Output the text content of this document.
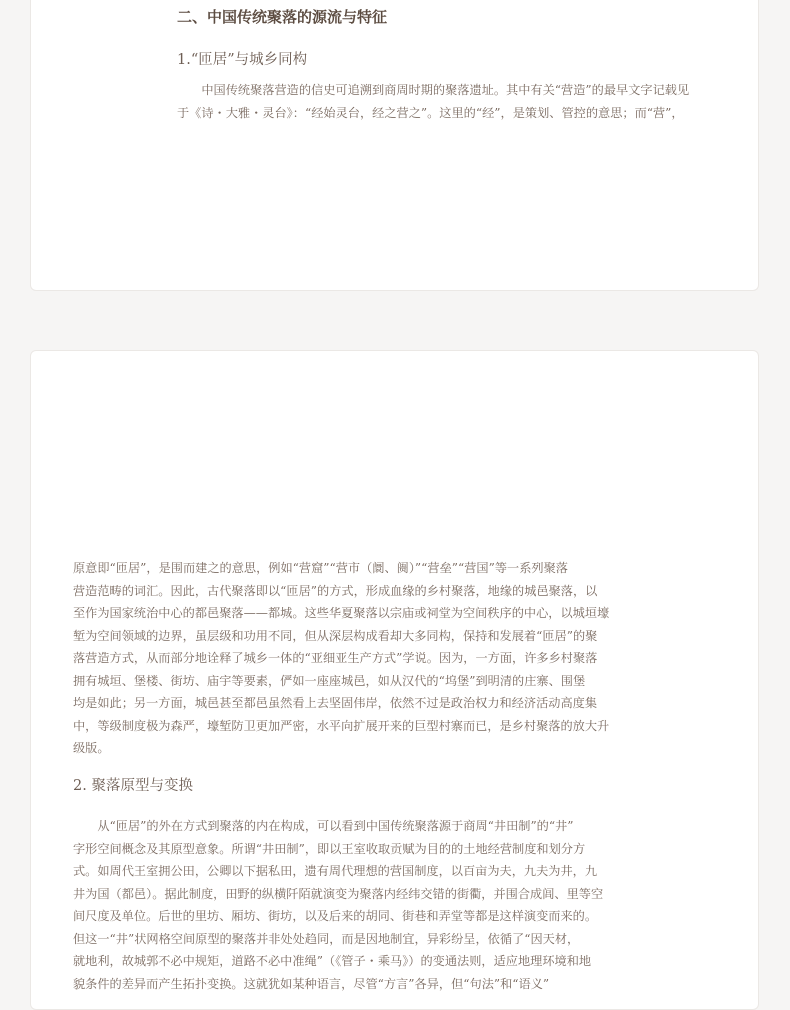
二、中国传统聚落的源流与特征
1.“匝居”与城乡同构
　　中国传统聚落营造的信史可追溯到商周时期的聚落遗址。其中有关“营造”的最早文字记载见
于《诗・大雅・灵台》：“经始灵台，经之营之”。这里的“经”，是策划、管控的意思；而“营”，
原意即“匝居”，是围而建之的意思，例如“营窟”“营市（阛、阓）”“营垒”“营国”等一系列聚落
营造范畴的词汇。因此，古代聚落即以“匝居”的方式，形成血缘的乡村聚落，地缘的城邑聚落，以
至作为国家统治中心的都邑聚落——都城。这些华夏聚落以宗庙或祠堂为空间秩序的中心，以城垣壕
堑为空间领域的边界，虽层级和功用不同，但从深层构成看却大多同构，保持和发展着“匝居”的聚
落营造方式，从而部分地诠释了城乡一体的“亚细亚生产方式”学说。因为，一方面，许多乡村聚落
拥有城垣、堡楼、街坊、庙宇等要素，俨如一座座城邑，如从汉代的“坞堡”到明清的庄寨、围堡
均是如此；另一方面，城邑甚至都邑虽然看上去坚固伟岸，依然不过是政治权力和经济活动高度集
中，等级制度极为森严，壕堑防卫更加严密，水平向扩展开来的巨型村寨而已，是乡村聚落的放大升
级版。
2. 聚落原型与变换
　　从“匝居”的外在方式到聚落的内在构成，可以看到中国传统聚落源于商周“井田制”的“井”
字形空间概念及其原型意象。所谓“井田制”，即以王室收取贡赋为目的的土地经营制度和划分方
式。如周代王室拥公田，公卿以下据私田，遗有周代理想的营国制度，以百亩为夫，九夫为井，九
井为国（都邑）。据此制度，田野的纵横阡陌就演变为聚落内经纬交错的街衢，并围合成闾、里等空
间尺度及单位。后世的里坊、厢坊、街坊，以及后来的胡同、街巷和弄堂等都是这样演变而来的。
但这一“井”状网格空间原型的聚落并非处处趋同，而是因地制宜，异彩纷呈，依循了“因天材，
就地利，故城郭不必中规矩，道路不必中准绳”（《管子・乘马》）的变通法则，适应地理环境和地
貌条件的差异而产生拓扑变换。这就犹如某种语言，尽管“方言”各异，但“句法”和“语义”
